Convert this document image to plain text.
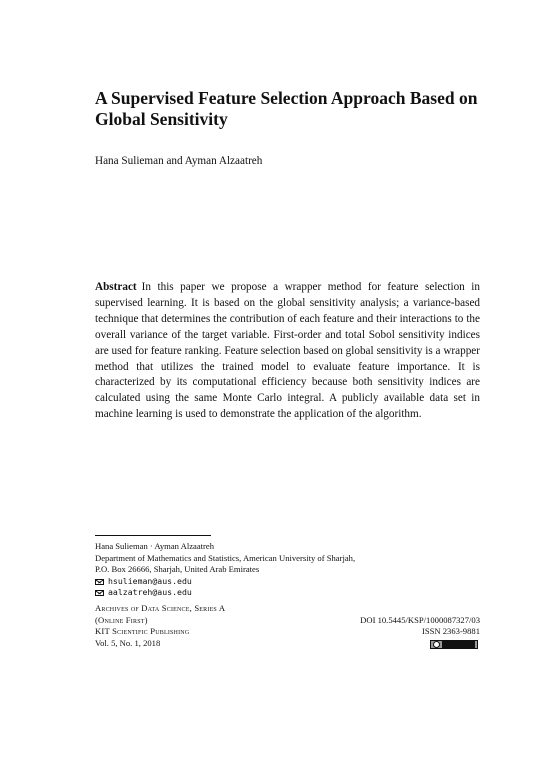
A Supervised Feature Selection Approach Based on Global Sensitivity

Hana Sulieman and Ayman Alzaatreh

Abstract In this paper we propose a wrapper method for feature selection in supervised learning. It is based on the global sensitivity analysis; a variance-based technique that determines the contribution of each feature and their interactions to the overall variance of the target variable. First-order and total Sobol sensitivity indices are used for feature ranking. Feature selection based on global sensitivity is a wrapper method that utilizes the trained model to evaluate feature importance. It is characterized by its computational efficiency because both sensitivity indices are calculated using the same Monte Carlo integral. A publicly available data set in machine learning is used to demonstrate the application of the algorithm.

Hana Sulieman · Ayman Alzaatreh
Department of Mathematics and Statistics, American University of Sharjah,
P.O. Box 26666, Sharjah, United Arab Emirates
hsulieman@aus.edu
aalzatreh@aus.edu
Archives of Data Science, Series A
(Online First)	DOI 10.5445/KSP/1000087327/03
KIT Scientific Publishing	ISSN 2363-9881
Vol. 5, No. 1, 2018
